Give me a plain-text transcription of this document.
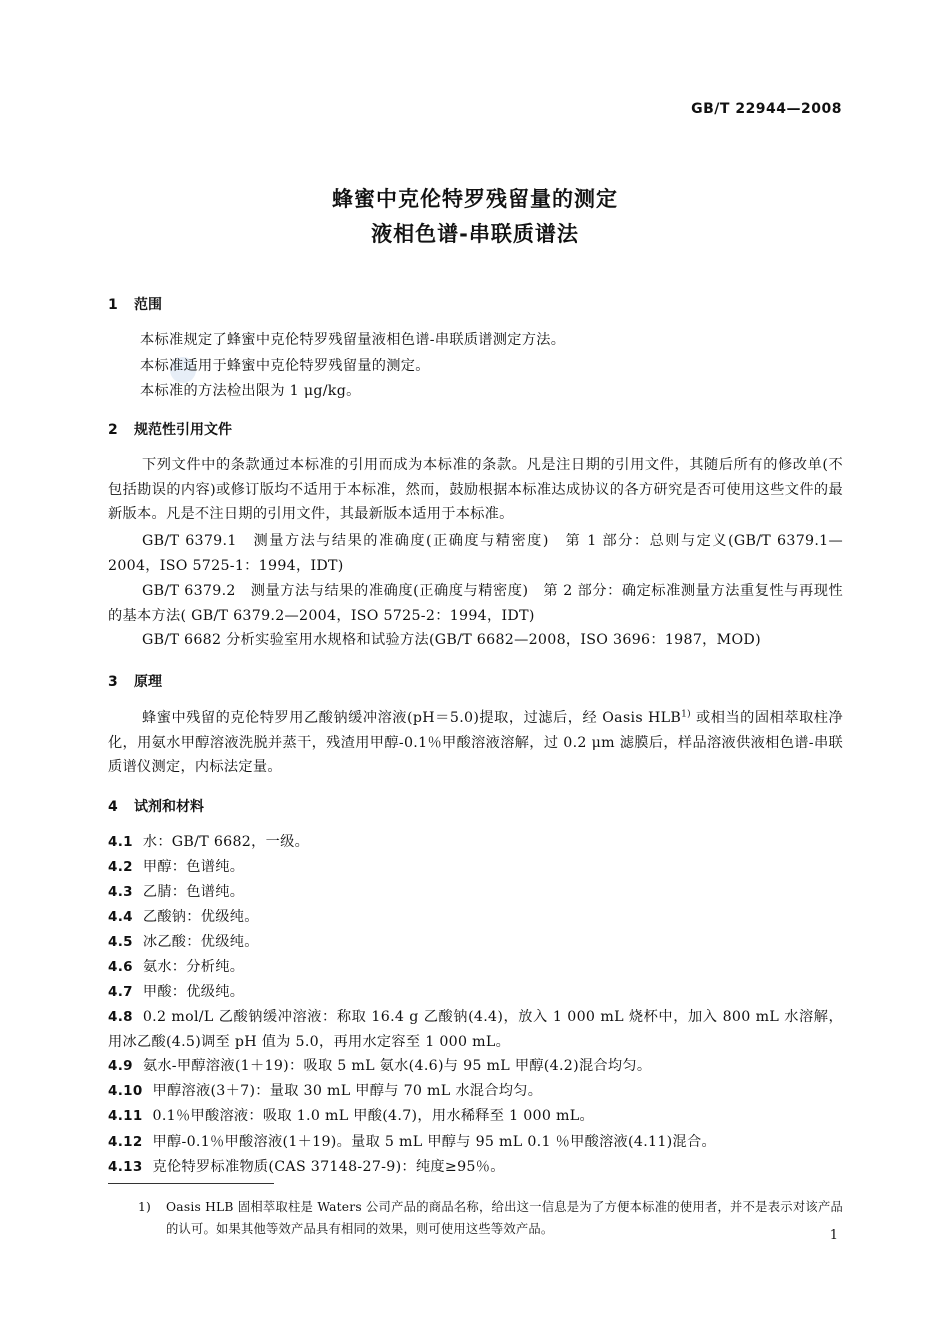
GB/T 22944—2008
蜂蜜中克伦特罗残留量的测定
液相色谱-串联质谱法
1 范围
本标准规定了蜂蜜中克伦特罗残留量液相色谱-串联质谱测定方法。
本标准适用于蜂蜜中克伦特罗残留量的测定。
本标准的方法检出限为 1 μg/kg。
2 规范性引用文件
下列文件中的条款通过本标准的引用而成为本标准的条款。凡是注日期的引用文件，其随后所有的修改单(不包括勘误的内容)或修订版均不适用于本标准，然而，鼓励根据本标准达成协议的各方研究是否可使用这些文件的最新版本。凡是不注日期的引用文件，其最新版本适用于本标准。
GB/T 6379.1　测量方法与结果的准确度(正确度与精密度)　第 1 部分：总则与定义(GB/T 6379.1—2004，ISO 5725-1：1994，IDT)
GB/T 6379.2　测量方法与结果的准确度(正确度与精密度)　第 2 部分：确定标准测量方法重复性与再现性的基本方法( GB/T 6379.2—2004，ISO 5725-2：1994，IDT)
GB/T 6682 分析实验室用水规格和试验方法(GB/T 6682—2008，ISO 3696：1987，MOD)
3 原理
蜂蜜中残留的克伦特罗用乙酸钠缓冲溶液(pH＝5.0)提取，过滤后，经 Oasis HLB$^{1)}$ 或相当的固相萃取柱净化，用氨水甲醇溶液洗脱并蒸干，残渣用甲醇-0.1％甲酸溶液溶解，过 0.2 μm 滤膜后，样品溶液供液相色谱-串联质谱仪测定，内标法定量。
4 试剂和材料
4.1 水：GB/T 6682，一级。
4.2 甲醇：色谱纯。
4.3 乙腈：色谱纯。
4.4 乙酸钠：优级纯。
4.5 冰乙酸：优级纯。
4.6 氨水：分析纯。
4.7 甲酸：优级纯。
4.8 0.2 mol/L 乙酸钠缓冲溶液：称取 16.4 g 乙酸钠(4.4)，放入 1 000 mL 烧杯中，加入 800 mL 水溶解，用冰乙酸(4.5)调至 pH 值为 5.0，再用水定容至 1 000 mL。
4.9 氨水-甲醇溶液(1＋19)：吸取 5 mL 氨水(4.6)与 95 mL 甲醇(4.2)混合均匀。
4.10 甲醇溶液(3＋7)：量取 30 mL 甲醇与 70 mL 水混合均匀。
4.11 0.1％甲酸溶液：吸取 1.0 mL 甲酸(4.7)，用水稀释至 1 000 mL。
4.12 甲醇-0.1％甲酸溶液(1＋19)。量取 5 mL 甲醇与 95 mL 0.1 ％甲酸溶液(4.11)混合。
4.13 克伦特罗标准物质(CAS 37148-27-9)：纯度≥95％。
1) Oasis HLB 固相萃取柱是 Waters 公司产品的商品名称，给出这一信息是为了方便本标准的使用者，并不是表示对该产品的认可。如果其他等效产品具有相同的效果，则可使用这些等效产品。	1
